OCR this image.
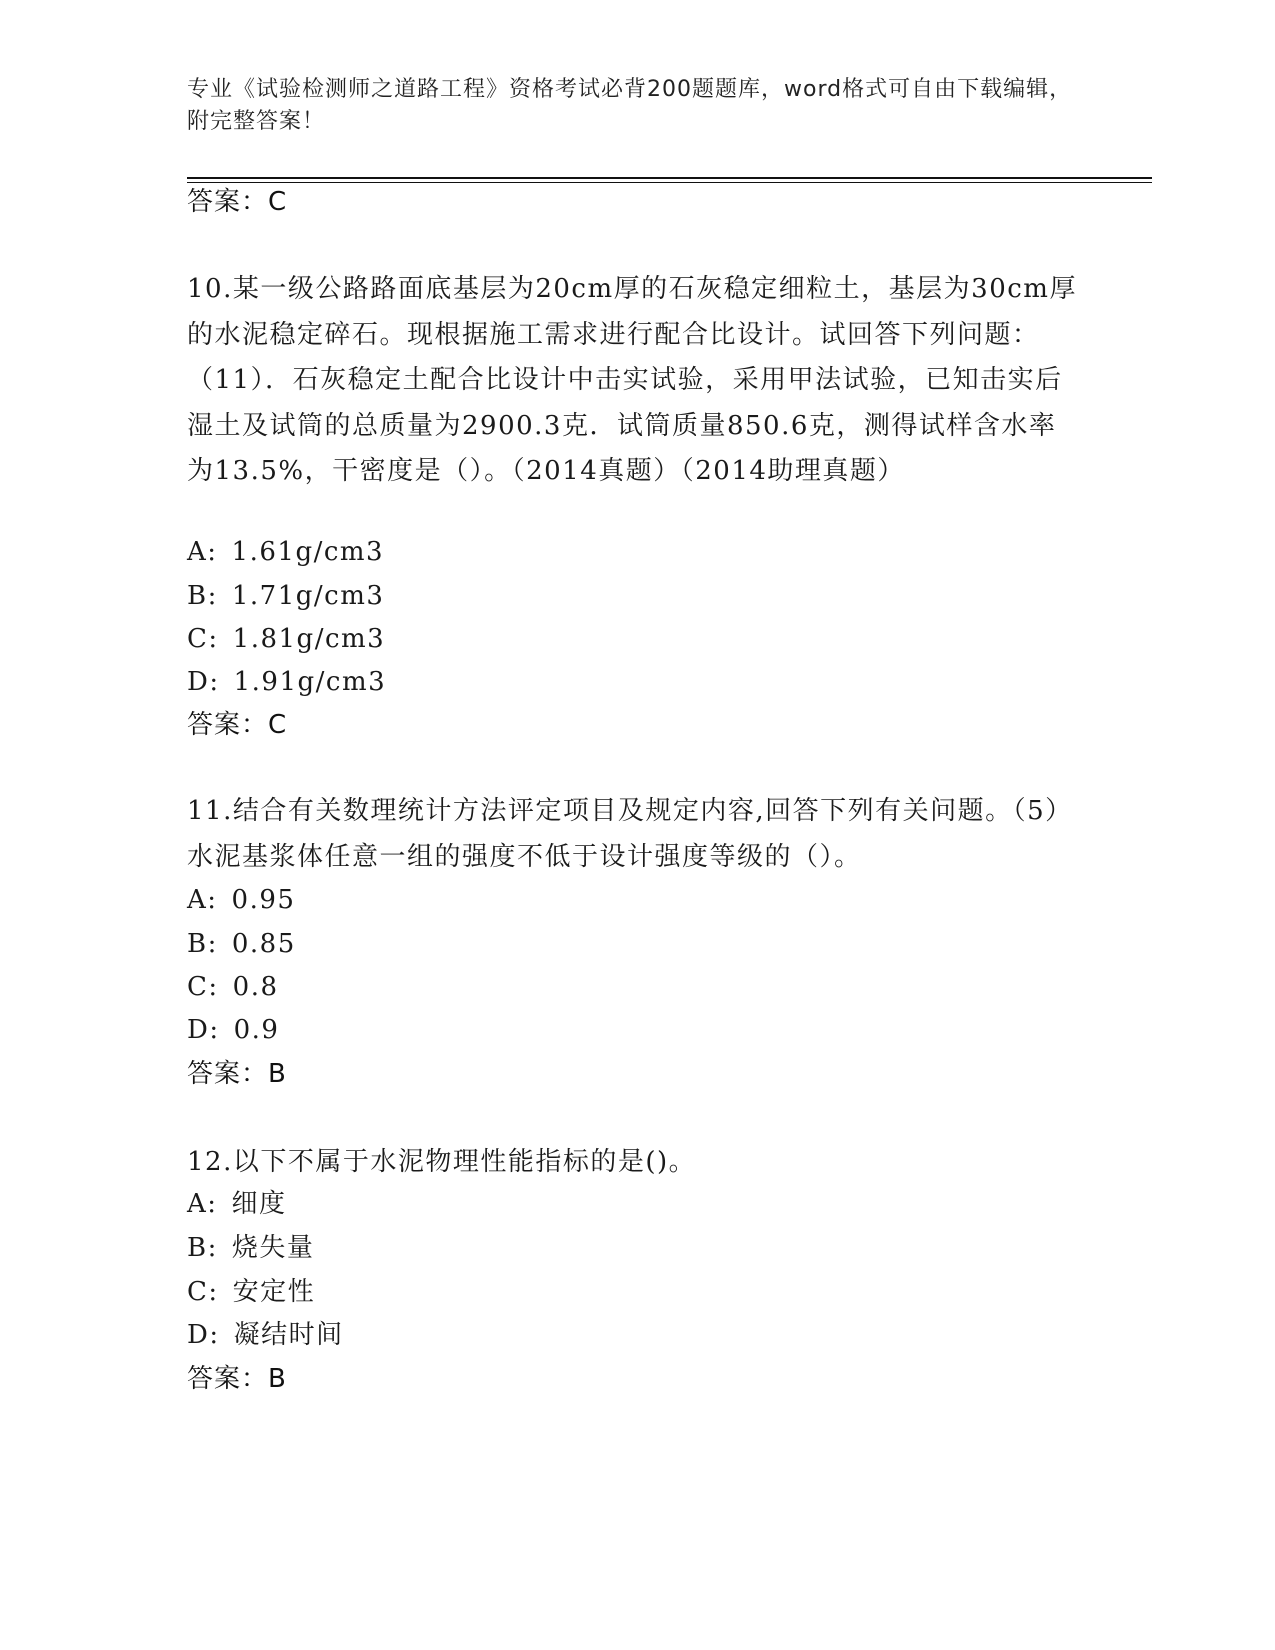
专业《试验检测师之道路工程》资格考试必背200题题库，word格式可自由下载编辑，附完整答案！
答案：C
10.某一级公路路面底基层为20cm厚的石灰稳定细粒土，基层为30cm厚的水泥稳定碎石。现根据施工需求进行配合比设计。试回答下列问题：（11）．石灰稳定土配合比设计中击实试验，采用甲法试验，已知击实后湿土及试筒的总质量为2900.3克．试筒质量850.6克，测得试样含水率为13.5%，干密度是（）。（2014真题）（2014助理真题）
A: 1.61g/cm3
B: 1.71g/cm3
C: 1.81g/cm3
D: 1.91g/cm3
答案：C
11.结合有关数理统计方法评定项目及规定内容,回答下列有关问题。（5）水泥基浆体任意一组的强度不低于设计强度等级的（）。
A: 0.95
B: 0.85
C: 0.8
D: 0.9
答案：B
12.以下不属于水泥物理性能指标的是()。
A: 细度
B: 烧失量
C: 安定性
D: 凝结时间
答案：B
